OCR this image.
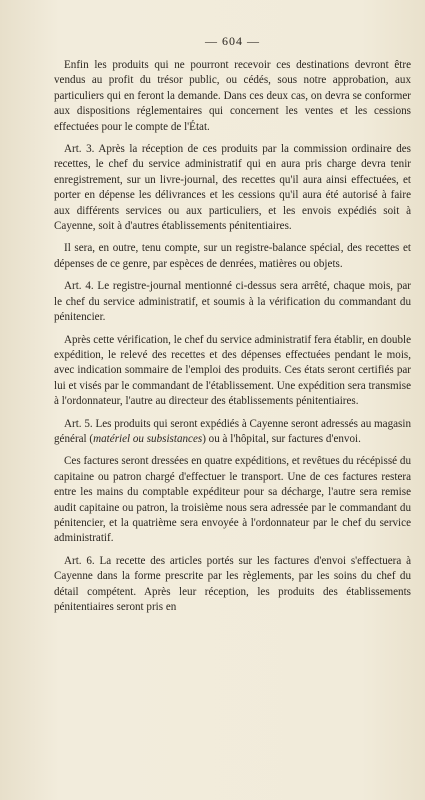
— 604 —

Enfin les produits qui ne pourront recevoir ces destinations devront être vendus au profit du trésor public, ou cédés, sous notre approbation, aux particuliers qui en feront la demande. Dans ces deux cas, on devra se conformer aux dispositions réglementaires qui concernent les ventes et les cessions effectuées pour le compte de l'État.

Art. 3. Après la réception de ces produits par la commission ordinaire des recettes, le chef du service administratif qui en aura pris charge devra tenir enregistrement, sur un livre-journal, des recettes qu'il aura ainsi effectuées, et porter en dépense les délivrances et les cessions qu'il aura été autorisé à faire aux différents services ou aux particuliers, et les envois expédiés soit à Cayenne, soit à d'autres établissements pénitentiaires.

Il sera, en outre, tenu compte, sur un registre-balance spécial, des recettes et dépenses de ce genre, par espèces de denrées, matières ou objets.

Art. 4. Le registre-journal mentionné ci-dessus sera arrêté, chaque mois, par le chef du service administratif, et soumis à la vérification du commandant du pénitencier.

Après cette vérification, le chef du service administratif fera établir, en double expédition, le relevé des recettes et des dépenses effectuées pendant le mois, avec indication sommaire de l'emploi des produits. Ces états seront certifiés par lui et visés par le commandant de l'établissement. Une expédition sera transmise à l'ordonnateur, l'autre au directeur des établissements pénitentiaires.

Art. 5. Les produits qui seront expédiés à Cayenne seront adressés au magasin général (matériel ou subsistances) ou à l'hôpital, sur factures d'envoi.

Ces factures seront dressées en quatre expéditions, et revêtues du récépissé du capitaine ou patron chargé d'effectuer le transport. Une de ces factures restera entre les mains du comptable expéditeur pour sa décharge, l'autre sera remise audit capitaine ou patron, la troisième nous sera adressée par le commandant du pénitencier, et la quatrième sera envoyée à l'ordonnateur par le chef du service administratif.

Art. 6. La recette des articles portés sur les factures d'envoi s'effectuera à Cayenne dans la forme prescrite par les règlements, par les soins du chef du détail compétent. Après leur réception, les produits des établissements pénitentiaires seront pris en
